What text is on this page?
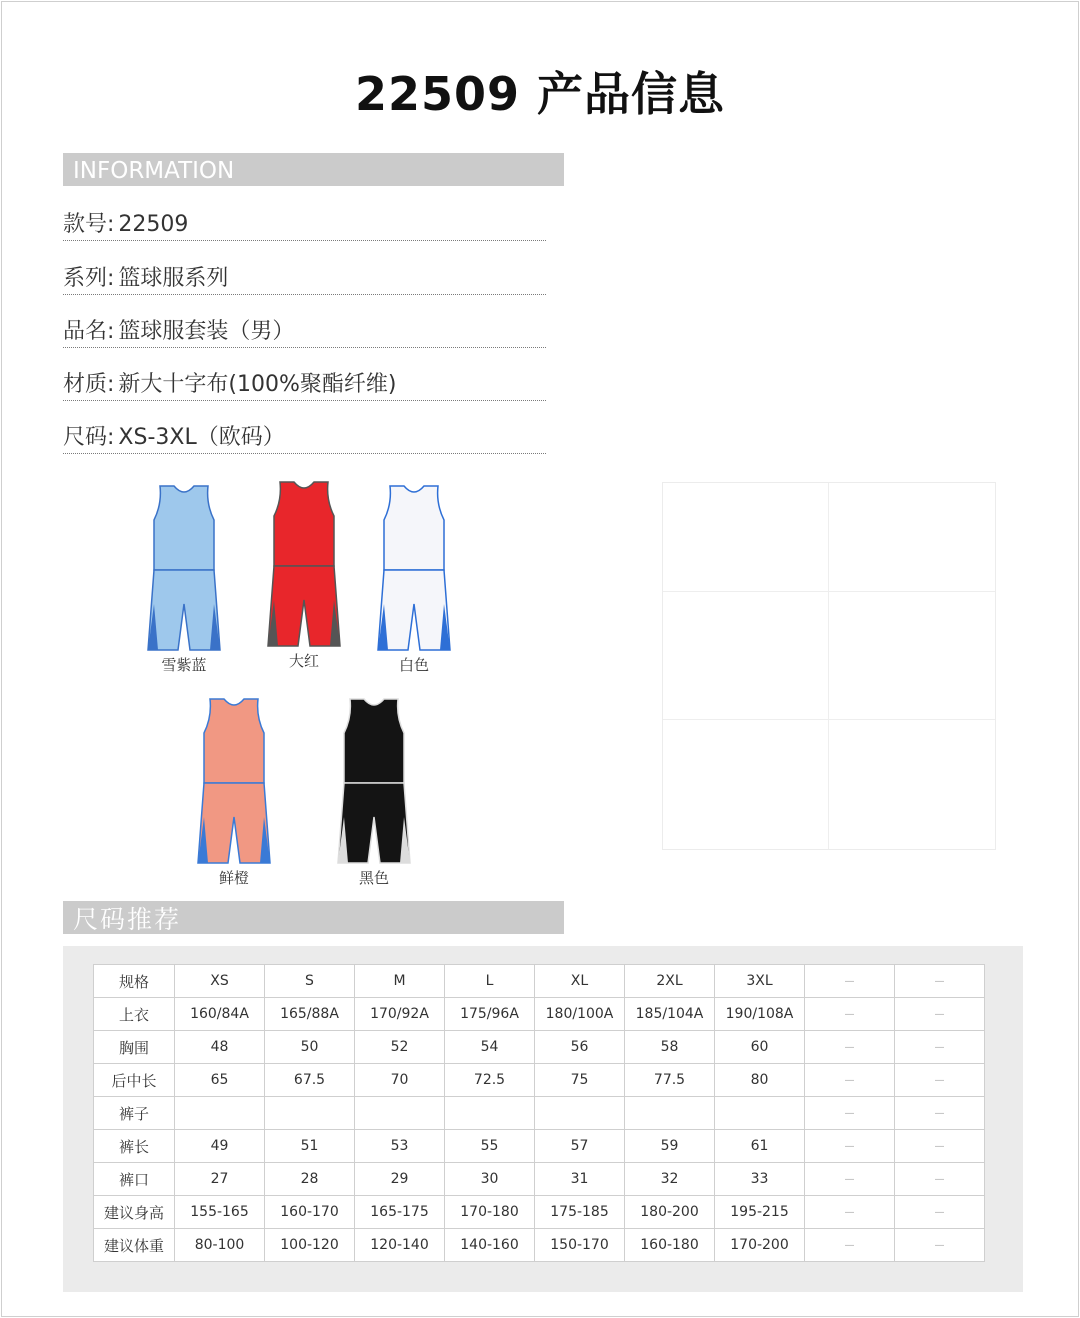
22509 产品信息
INFORMATION
款号: 22509
系列: 篮球服系列
品名: 篮球服套装（男）
材质: 新大十字布(100%聚酯纤维)
尺码: XS-3XL（欧码）
雪紫蓝	大红	白色
鲜橙	黑色
尺码推荐
规格	XS	S	M	L	XL	2XL	3XL	—	—
上衣	160/84A	165/88A	170/92A	175/96A	180/100A	185/104A	190/108A	—	—
胸围	48	50	52	54	56	58	60	—	—
后中长	65	67.5	70	72.5	75	77.5	80	—	—
裤子								—	—
裤长	49	51	53	55	57	59	61	—	—
裤口	27	28	29	30	31	32	33	—	—
建议身高	155-165	160-170	165-175	170-180	175-185	180-200	195-215	—	—
建议体重	80-100	100-120	120-140	140-160	150-170	160-180	170-200	—	—
